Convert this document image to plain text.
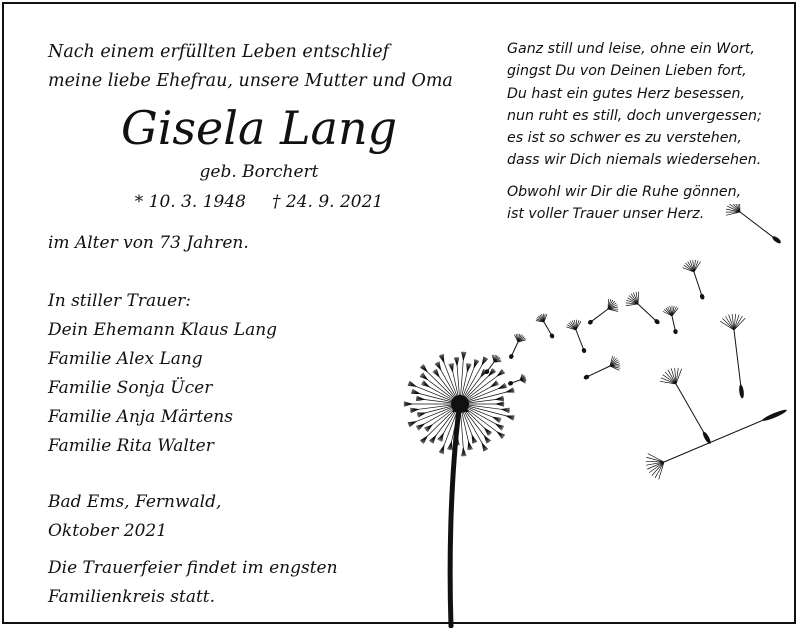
Nach einem erfüllten Leben entschlief
meine liebe Ehefrau, unsere Mutter und Oma
Gisela Lang
geb. Borchert
* 10. 3. 1948 † 24. 9. 2021
im Alter von 73 Jahren.
In stiller Trauer:
Dein Ehemann Klaus Lang
Familie Alex Lang
Familie Sonja Ücer
Familie Anja Märtens
Familie Rita Walter
Bad Ems, Fernwald,
Oktober 2021
Die Trauerfeier findet im engsten
Familienkreis statt.
Ganz still und leise, ohne ein Wort,
gingst Du von Deinen Lieben fort,
Du hast ein gutes Herz besessen,
nun ruht es still, doch unvergessen;
es ist so schwer es zu verstehen,
dass wir Dich niemals wiedersehen.
Obwohl wir Dir die Ruhe gönnen,
ist voller Trauer unser Herz.
